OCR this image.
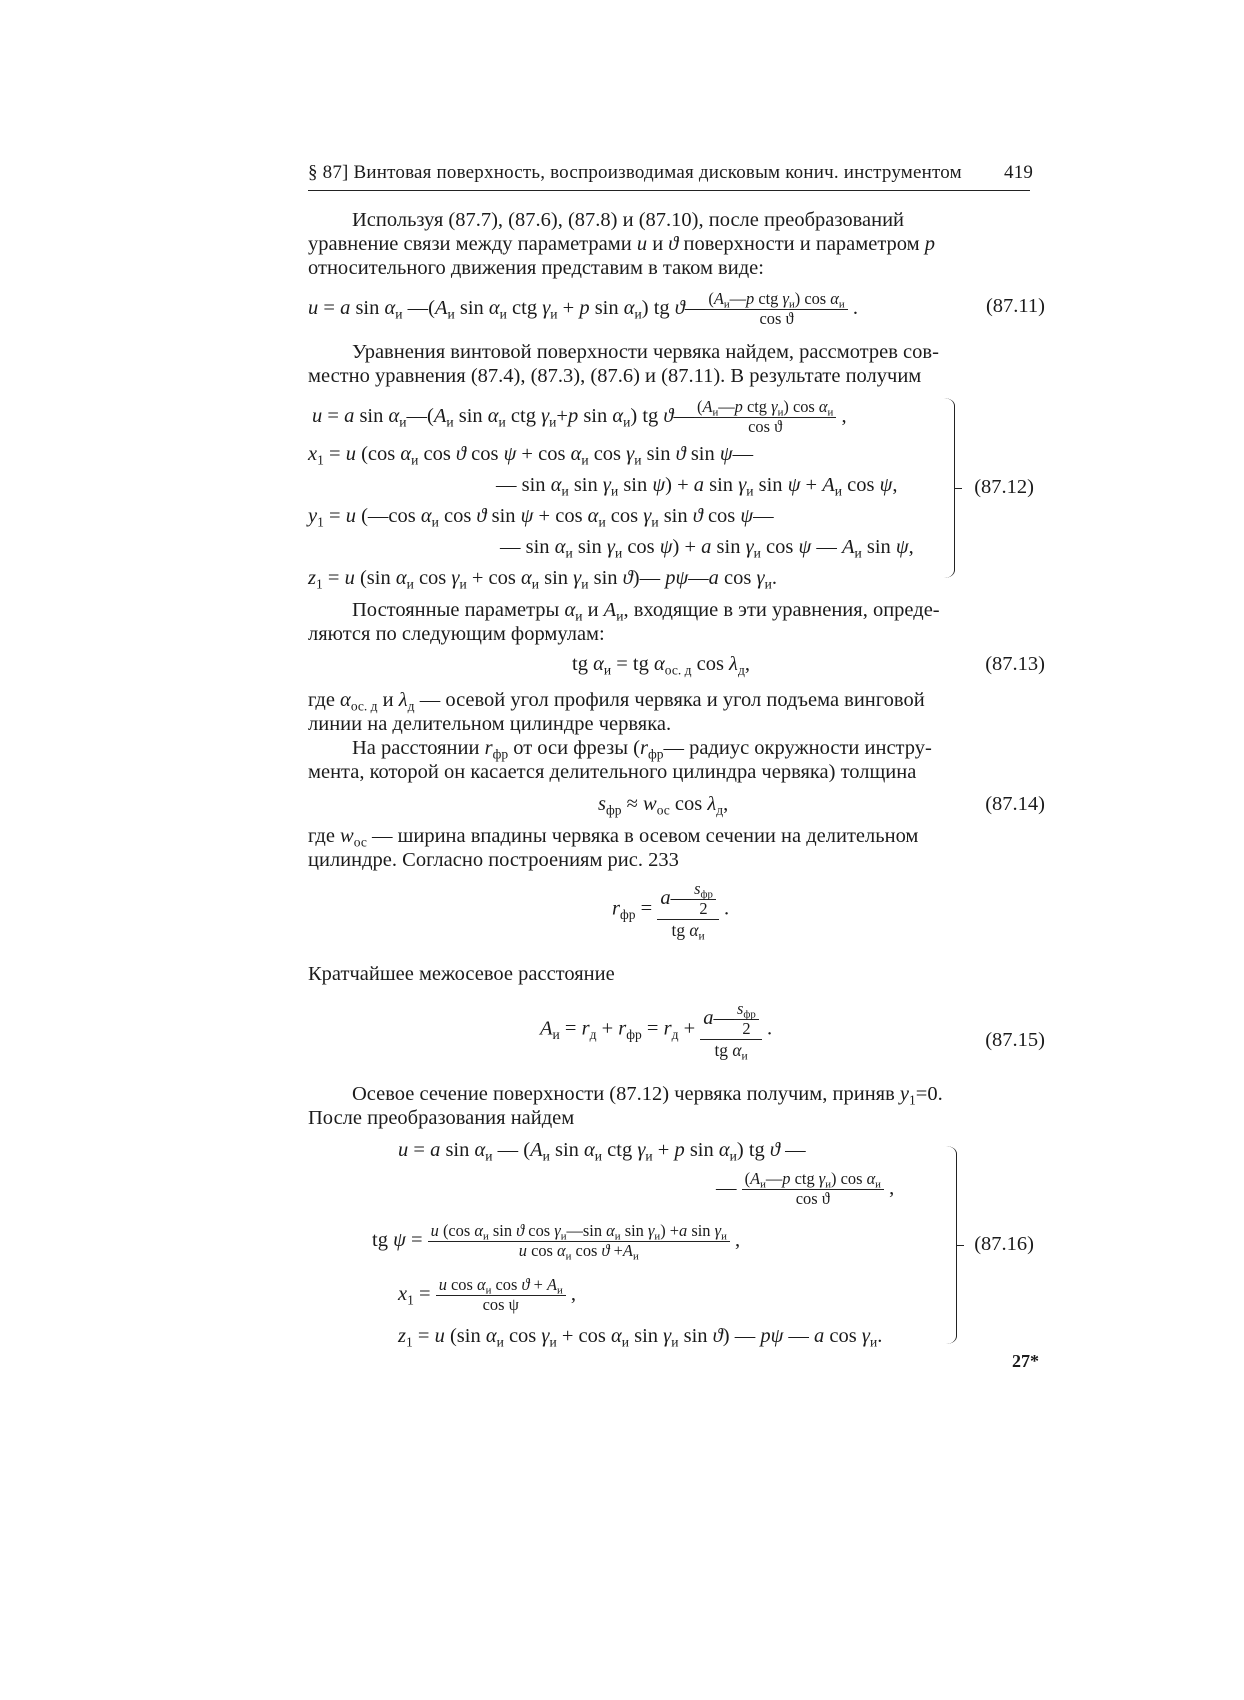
§ 87] Винтовая поверхность, воспроизводимая дисковым конич. инструментом 419
Используя (87.7), (87.6), (87.8) и (87.10), после преобразований
уравнение связи между параметрами u и ϑ поверхности и параметром p
относительного движения представим в таком виде:
u = a $\sin \alpha_и$ $—(A_и$ $\sin \alpha_и$ ctg $\gamma_и + p$ $\sin \alpha_и$) tg ϑ— $\frac{(A_и—p ctg \gamma_и) \cos \alpha_и}{\text{cos ϑ}}$ .	(87.11)
Уравнения винтовой поверхности червяка найдем, рассмотрев сов-
местно уравнения (87.4), (87.3), (87.6) и (87.11). В результате получим
u = a $\sin \alpha_и—(A_и$ $\sin \alpha_и$ ctg $\gamma_и+p$ $\sin \alpha_и$) tg ϑ— $\frac{(A_и—p ctg \gamma_и) \cos \alpha_и}{\text{cos ϑ}}$ ,
$x_1 = u$ (cos $\alpha_и$ cos ϑ $\cos \psi + \cos \alpha_и$ $\cos \gamma_и$ sin ϑ sin ψ—
— $\sin \alpha_и$ $\sin \gamma_и$ sin ψ) + a $\sin \gamma_и$ $\sin \psi + A_и$ cos ψ,
$y_1 = u$ (—cos $\alpha_и$ cos ϑ $\sin \psi + \cos \alpha_и$ $\cos \gamma_и$ sin ϑ cos ψ—
— $\sin \alpha_и$ $\sin \gamma_и$ cos ψ) + a $\sin \gamma_и$ cos ψ — $A_и$ sin ψ,
$z_1 = u$ (sin $\alpha_и$ $\cos \gamma_и + \cos \alpha_и$ $\sin \gamma_и$ sin ϑ)— pψ—a $\cos \gamma_и$.
(87.12)
Постоянные параметры $\alpha_и$ и $A_и$, входящие в эти уравнения, опреде-
ляются по следующим формулам:
tg $\alpha_и$ = tg $\alpha_{ос. д}$ $\cos \lambda_д$,	(87.13)
где $\alpha_{ос. д}$ и $\lambda_д$ — осевой угол профиля червяка и угол подъема винговой
линии на делительном цилиндре червяка.
На расстоянии $r_{фр}$ от оси фрезы ($r_{фр}—$ радиус окружности инстру-
мента, которой он касается делительного цилиндра червяка) толщина
$s_{фр} \approx w_{ос}$ $\cos \lambda_д$,	(87.14)
где $w_{ос}$ — ширина впадины червяка в осевом сечении на делительном
цилиндре. Согласно построениям рис. 233
$r_{фр} = \frac{a— \frac{s_{фр}}{2}}{tg \alpha_и}$ .
Кратчайшее межосевое расстояние
$A_и = r_д + r_{фр} = r_д + \frac{a— \frac{s_{фр}}{2}}{tg \alpha_и}$ .
(87.15)
Осевое сечение поверхности (87.12) червяка получим, приняв $y_1=0$.
После преобразования найдем
u = a $\sin \alpha_и$ — ($A_и$ $\sin \alpha_и$ ctg $\gamma_и + p$ $\sin \alpha_и$) tg ϑ —
— $\frac{(A_и—p ctg \gamma_и) \cos \alpha_и}{\text{cos ϑ}}$ ,
tg $\psi = \frac{u (\cos \alpha_и \sin ϑ \cos \gamma_и—\sin \alpha_и \sin \gamma_и) +a \sin \gamma_и}{u \cos \alpha_и \cos ϑ +A_и}$ ,
$x_1 = \frac{u \cos \alpha_и \cos ϑ + A_и}{\text{cos ψ}}$ ,
$z_1 = u$ (sin $\alpha_и$ $\cos \gamma_и + \cos \alpha_и$ $\sin \gamma_и$ sin ϑ) — pψ — a $\cos \gamma_и$.
(87.16)
27*
